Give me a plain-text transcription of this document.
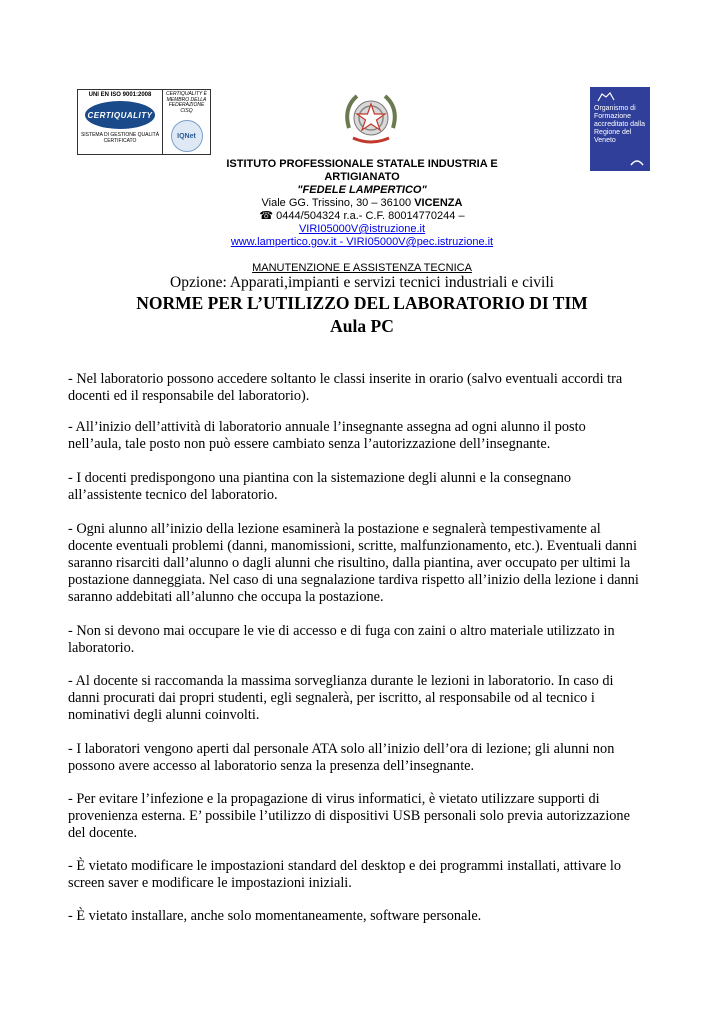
UNI EN ISO 9001:2008
CERTIQUALITY
SISTEMA DI GESTIONE QUALITÀ CERTIFICATO
CERTIQUALITY È MEMBRO DELLA FEDERAZIONE CISQ
IQNet
Organismo di Formazione accreditato dalla Regione del Veneto
ISTITUTO PROFESSIONALE STATALE INDUSTRIA E
ARTIGIANATO
"FEDELE LAMPERTICO"
Viale GG. Trissino, 30 – 36100 VICENZA
☎ 0444/504324 r.a.- C.F. 80014770244 –
VIRI05000V@istruzione.it
www.lampertico.gov.it - VIRI05000V@pec.istruzione.it
MANUTENZIONE E ASSISTENZA TECNICA
Opzione: Apparati,impianti e servizi tecnici industriali e civili
NORME PER L’UTILIZZO DEL LABORATORIO DI TIM
Aula PC

- Nel laboratorio possono accedere soltanto le classi inserite in orario (salvo eventuali accordi tra
docenti ed il responsabile del laboratorio).

- All’inizio dell’attività di laboratorio annuale l’insegnante assegna ad ogni alunno il posto
nell’aula, tale posto non può essere cambiato senza l’autorizzazione dell’insegnante.

- I docenti predispongono una piantina con la sistemazione degli alunni e la consegnano
all’assistente tecnico del laboratorio.

- Ogni alunno all’inizio della lezione esaminerà la postazione e segnalerà tempestivamente al
docente eventuali problemi (danni, manomissioni, scritte, malfunzionamento, etc.). Eventuali danni
saranno risarciti dall’alunno o dagli alunni che risultino, dalla piantina, aver occupato per ultimi la
postazione danneggiata. Nel caso di una segnalazione tardiva rispetto all’inizio della lezione i danni
saranno addebitati all’alunno che occupa la postazione.

- Non si devono mai occupare le vie di accesso e di fuga con zaini o altro materiale utilizzato in
laboratorio.

- Al docente si raccomanda la massima sorveglianza durante le lezioni in laboratorio. In caso di
danni procurati dai propri studenti, egli segnalerà, per iscritto, al responsabile od al tecnico i
nominativi degli alunni coinvolti.

- I laboratori vengono aperti dal personale ATA solo all’inizio dell’ora di lezione; gli alunni non
possono avere accesso al laboratorio senza la presenza dell’insegnante.

- Per evitare l’infezione e la propagazione di virus informatici, è vietato utilizzare supporti di
provenienza esterna. E’ possibile l’utilizzo di dispositivi USB personali solo previa autorizzazione
del docente.

- È vietato modificare le impostazioni standard del desktop e dei programmi installati, attivare lo
screen saver e modificare le impostazioni iniziali.

- È vietato installare, anche solo momentaneamente, software personale.
